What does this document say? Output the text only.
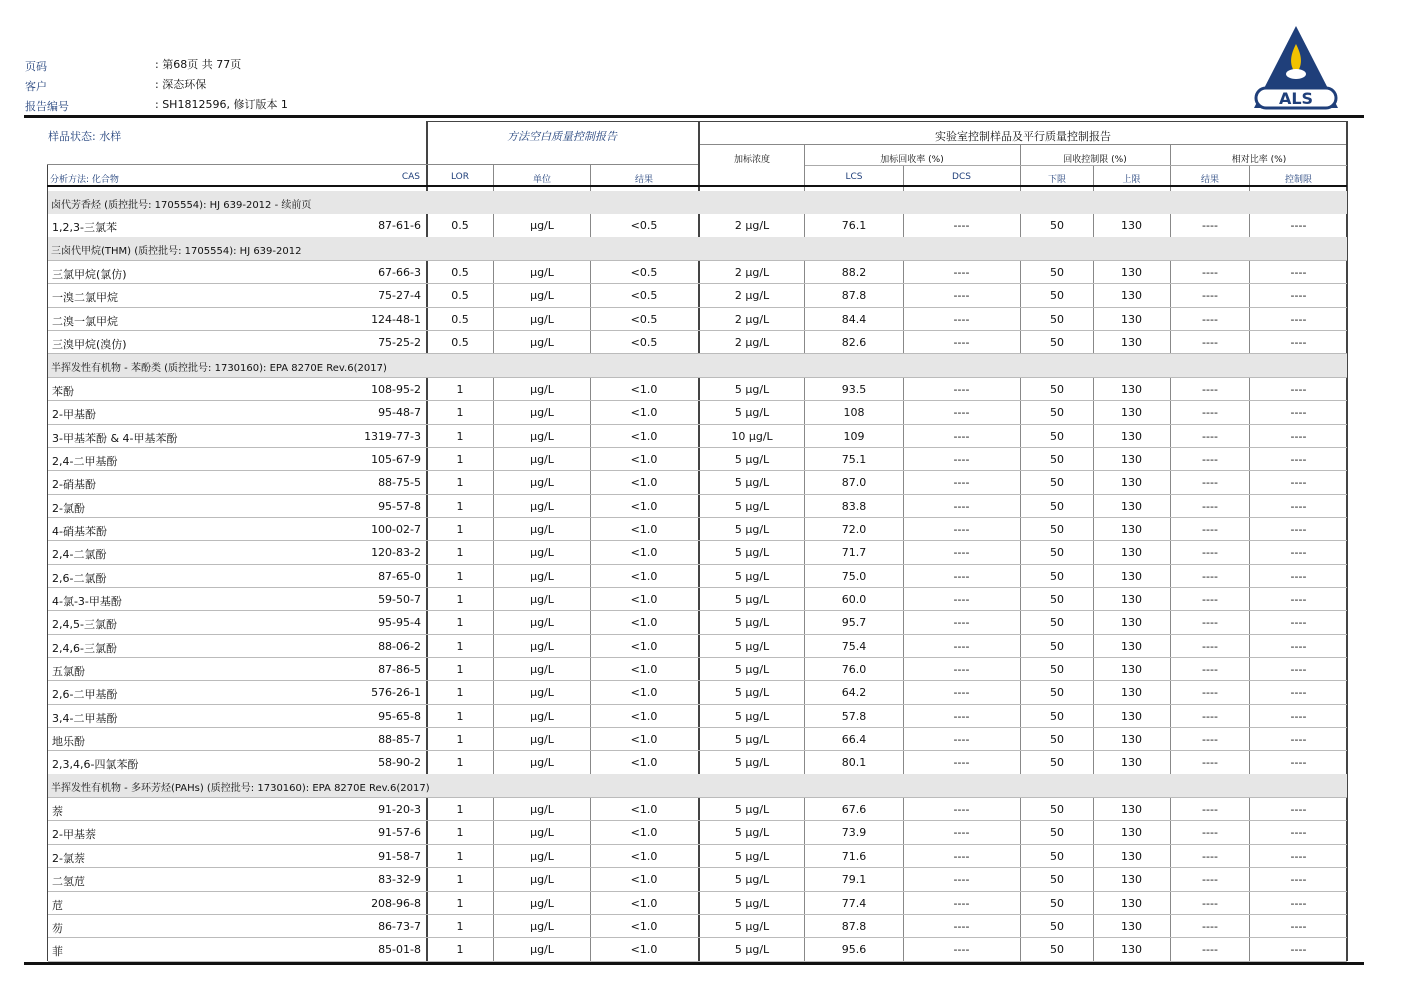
页码	: 第68页 共 77页
客户	: 深态环保
报告编号	: SH1812596, 修订版本 1	ALS
样品状态: 水样	方法空白质量控制报告	实验室控制样品及平行质量控制报告
加标浓度	加标回收率 (%)	回收控制限 (%)	相对比率 (%)
分析方法: 化合物	CAS	LOR	单位	结果	LCS	DCS	下限	上限	结果	控制限
卤代芳香烃 (质控批号: 1705554): HJ 639-2012 - 续前页
1,2,3-三氯苯	87-61-6	0.5	µg/L	<0.5	2 µg/L	76.1	----	50	130	----	----
三卤代甲烷(THM) (质控批号: 1705554): HJ 639-2012
三氯甲烷(氯仿)	67-66-3	0.5	µg/L	<0.5	2 µg/L	88.2	----	50	130	----	----
一溴二氯甲烷	75-27-4	0.5	µg/L	<0.5	2 µg/L	87.8	----	50	130	----	----
二溴一氯甲烷	124-48-1	0.5	µg/L	<0.5	2 µg/L	84.4	----	50	130	----	----
三溴甲烷(溴仿)	75-25-2	0.5	µg/L	<0.5	2 µg/L	82.6	----	50	130	----	----
半挥发性有机物 - 苯酚类 (质控批号: 1730160): EPA 8270E Rev.6(2017)
苯酚	108-95-2	1	µg/L	<1.0	5 µg/L	93.5	----	50	130	----	----
2-甲基酚	95-48-7	1	µg/L	<1.0	5 µg/L	108	----	50	130	----	----
3-甲基苯酚 & 4-甲基苯酚	1319-77-3	1	µg/L	<1.0	10 µg/L	109	----	50	130	----	----
2,4-二甲基酚	105-67-9	1	µg/L	<1.0	5 µg/L	75.1	----	50	130	----	----
2-硝基酚	88-75-5	1	µg/L	<1.0	5 µg/L	87.0	----	50	130	----	----
2-氯酚	95-57-8	1	µg/L	<1.0	5 µg/L	83.8	----	50	130	----	----
4-硝基苯酚	100-02-7	1	µg/L	<1.0	5 µg/L	72.0	----	50	130	----	----
2,4-二氯酚	120-83-2	1	µg/L	<1.0	5 µg/L	71.7	----	50	130	----	----
2,6-二氯酚	87-65-0	1	µg/L	<1.0	5 µg/L	75.0	----	50	130	----	----
4-氯-3-甲基酚	59-50-7	1	µg/L	<1.0	5 µg/L	60.0	----	50	130	----	----
2,4,5-三氯酚	95-95-4	1	µg/L	<1.0	5 µg/L	95.7	----	50	130	----	----
2,4,6-三氯酚	88-06-2	1	µg/L	<1.0	5 µg/L	75.4	----	50	130	----	----
五氯酚	87-86-5	1	µg/L	<1.0	5 µg/L	76.0	----	50	130	----	----
2,6-二甲基酚	576-26-1	1	µg/L	<1.0	5 µg/L	64.2	----	50	130	----	----
3,4-二甲基酚	95-65-8	1	µg/L	<1.0	5 µg/L	57.8	----	50	130	----	----
地乐酚	88-85-7	1	µg/L	<1.0	5 µg/L	66.4	----	50	130	----	----
2,3,4,6-四氯苯酚	58-90-2	1	µg/L	<1.0	5 µg/L	80.1	----	50	130	----	----
半挥发性有机物 - 多环芳烃(PAHs) (质控批号: 1730160): EPA 8270E Rev.6(2017)
萘	91-20-3	1	µg/L	<1.0	5 µg/L	67.6	----	50	130	----	----
2-甲基萘	91-57-6	1	µg/L	<1.0	5 µg/L	73.9	----	50	130	----	----
2-氯萘	91-58-7	1	µg/L	<1.0	5 µg/L	71.6	----	50	130	----	----
二氢苊	83-32-9	1	µg/L	<1.0	5 µg/L	79.1	----	50	130	----	----
苊	208-96-8	1	µg/L	<1.0	5 µg/L	77.4	----	50	130	----	----
芴	86-73-7	1	µg/L	<1.0	5 µg/L	87.8	----	50	130	----	----
菲	85-01-8	1	µg/L	<1.0	5 µg/L	95.6	----	50	130	----	----
